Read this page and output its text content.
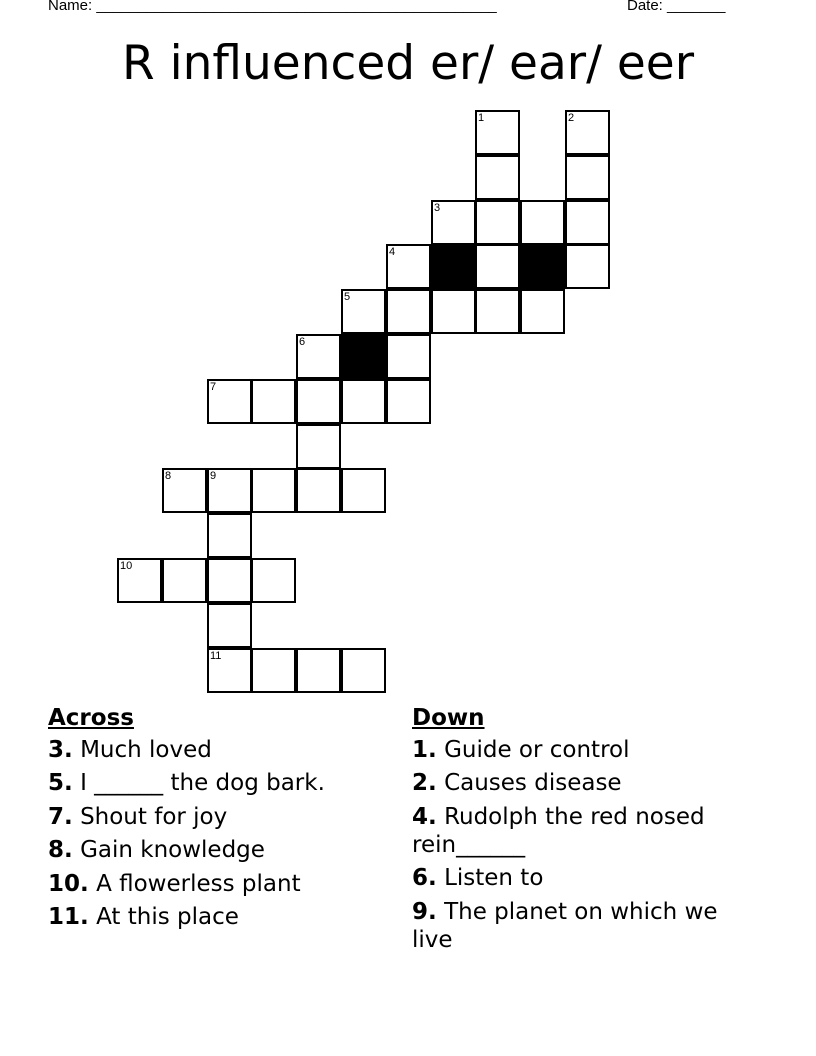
Name: ________________________________________________	Date: _______
R influenced er/ ear/ eer
1	2
3
4
5
6
7
8	9
10
11
Across
3. Much loved
5. I ______ the dog bark.
7. Shout for joy
8. Gain knowledge
10. A flowerless plant
11. At this place
Down
1. Guide or control
2. Causes disease
4. Rudolph the red nosed rein______
6. Listen to
9. The planet on which we live
